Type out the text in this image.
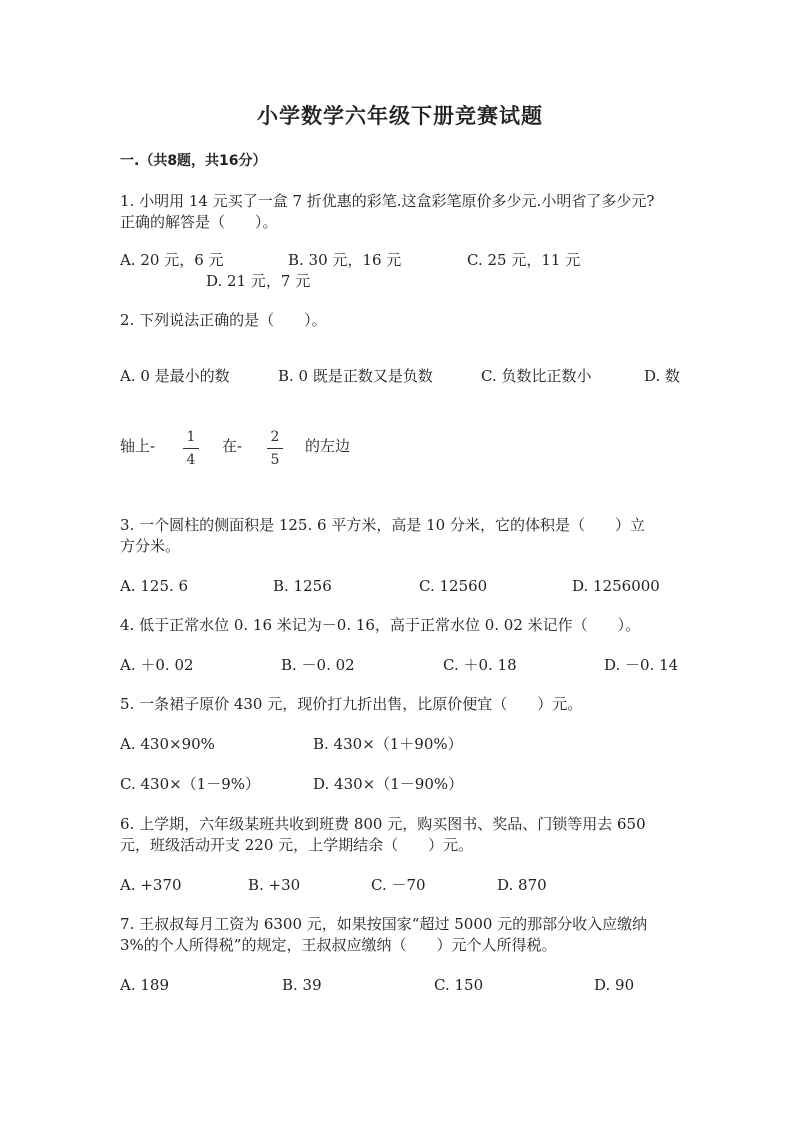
小学数学六年级下册竞赛试题
一.（共8题，共16分）
1. 小明用 14 元买了一盒 7 折优惠的彩笔.这盒彩笔原价多少元.小明省了多少元?
正确的解答是（　　）。
A. 20 元，6 元	B. 30 元，16 元	C. 25 元，11 元
D. 21 元，7 元
2. 下列说法正确的是（　　）。
A. 0 是最小的数	B. 0 既是正数又是负数	C. 负数比正数小	D. 数
轴上- 1
4
在- 2
5
的左边
3. 一个圆柱的侧面积是 125. 6 平方米，高是 10 分米，它的体积是（　　）立
方分米。
A. 125. 6	B. 1256	C. 12560	D. 1256000
4. 低于正常水位 0. 16 米记为－0. 16，高于正常水位 0. 02 米记作（　　）。
A. ＋0. 02	B. －0. 02	C. ＋0. 18	D. －0. 14
5. 一条裙子原价 430 元，现价打九折出售，比原价便宜（　　）元。
A. 430×90%	B. 430×（1＋90%）
C. 430×（1－9%）	D. 430×（1－90%）
6. 上学期，六年级某班共收到班费 800 元，购买图书、奖品、门锁等用去 650
元，班级活动开支 220 元，上学期结余（　　）元。
A. +370	B. +30	C. －70	D. 870
7. 王叔叔每月工资为 6300 元，如果按国家“超过 5000 元的那部分收入应缴纳
3%的个人所得税”的规定，王叔叔应缴纳（　　）元个人所得税。
A. 189	B. 39	C. 150	D. 90
